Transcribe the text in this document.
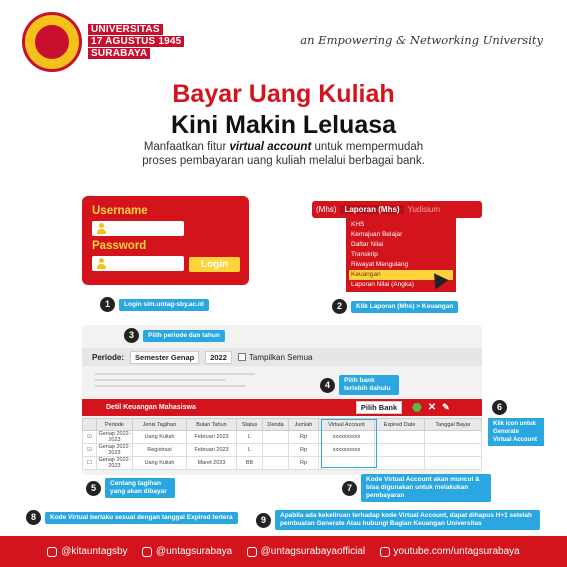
UNIVERSITAS
17 AGUSTUS 1945
SURABAYA
an Empowering & Networking University
Bayar Uang Kuliah
Kini Makin Leluasa
Manfaatkan fitur virtual account untuk mempermudah
proses pembayaran uang kuliah melalui berbagai bank.
Username
Password
Login
(Mhs)	Laporan (Mhs)	Yudisium
KHS
Kemajuan Belajar
Daftar Nilai
Transkrip
Riwayat Mengulang
Keuangan
Laporan Nilai (Angka)
1	Login sim.untag-sby.ac.id	2	Klik Laporan (Mhs) > Keuangan
3	Pilih periode dan tahun
Periode:	Semester Genap	2022	Tampilkan Semua
4	Pilih bank terlebih dahulu
Detil Keuangan Mahasiswa	Pilih Bank	⬣ ✕ ✎
	Periode	Jenis Tagihan	Bulan Tahun	Status	Denda	Jumlah	Virtual Account	Expired Date	Tanggal Bayar
☑	Genap 2022-2023	Uang Kuliah	Februari 2023	L		Rp	xxxxxxxxxx		
☑	Genap 2022-2023	Registrasi	Februari 2023	L		Rp	xxxxxxxxxx		
☐	Genap 2022-2023	Uang Kuliah	Maret 2023	BB		Rp			
6
Klik icon untuk Generate Virtual Account
5	Centang tagihan yang akan dibayar	7
Kode Virtual Account akan muncul & bisa digunakan untuk melakukan pembayaran
8	Kode Virtual berlaku sesuai dengan tanggal Expired tertera	9	Apabila ada kekeliruan terhadap kode Virtual Account, dapat dihapus H+1 setelah pembuatan Generate Atau hubungi Bagian Keuangan Universitas
@kitauntagsby	@untagsurabaya	@untagsurabayaofficial	youtube.com/untagsurabaya
